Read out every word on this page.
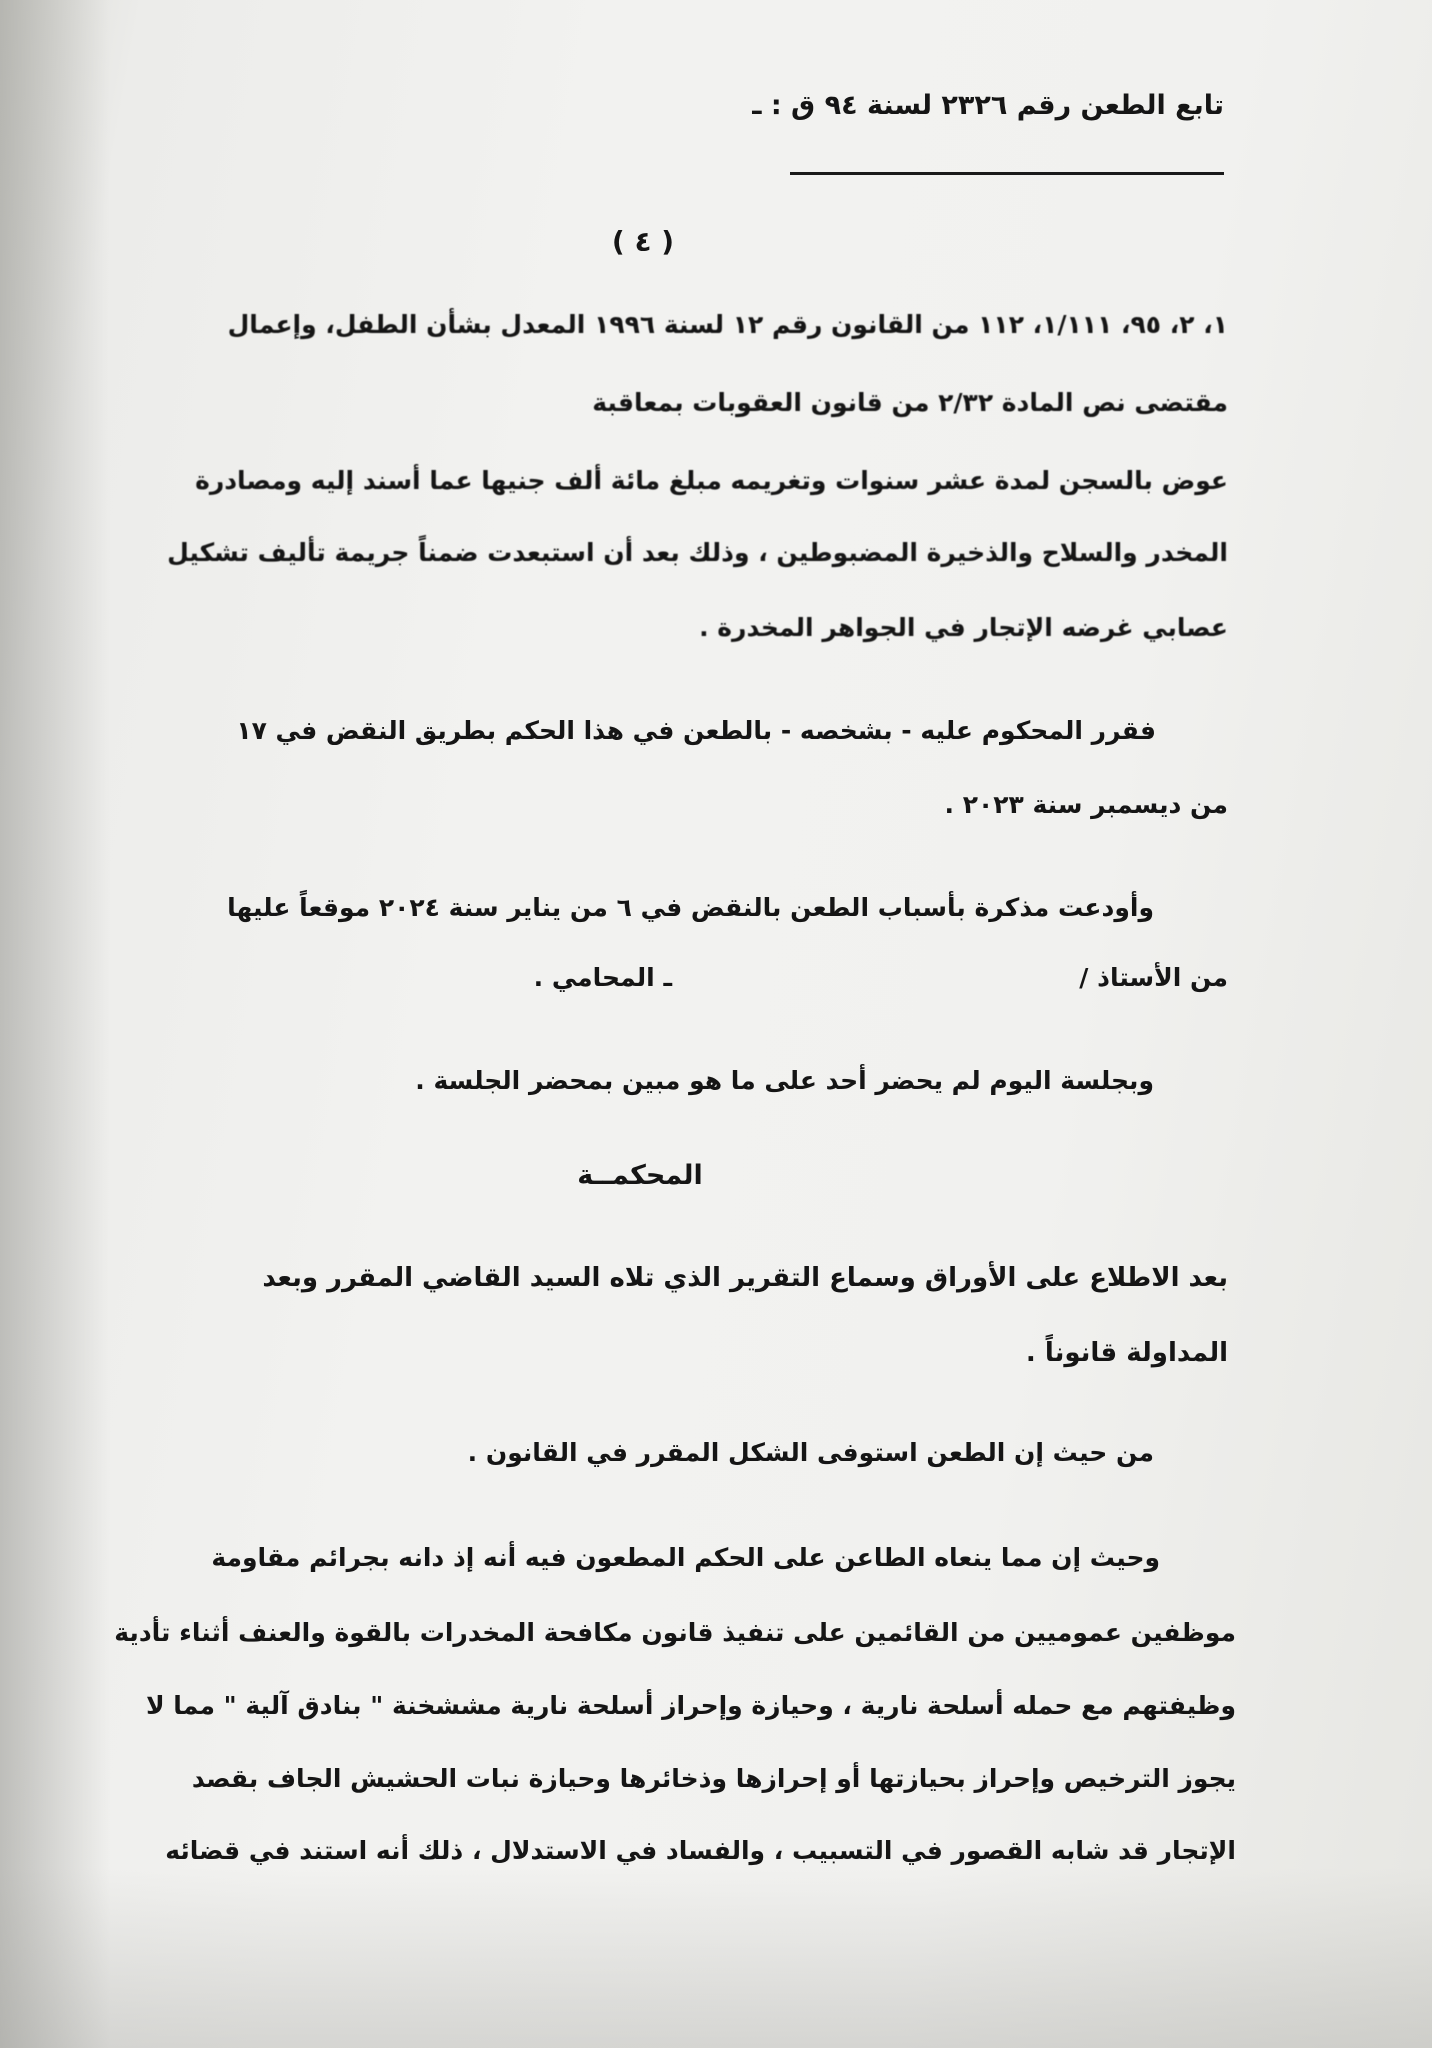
تابع الطعن رقم ٢٣٢٦ لسنة ٩٤ ق : ـ
( ٤ )
١، ٢، ٩٥، ١/١١١، ١١٢ من القانون رقم ١٢ لسنة ١٩٩٦ المعدل بشأن الطفل، وإعمال
مقتضى نص المادة ٢/٣٢ من قانون العقوبات بمعاقبة
عوض بالسجن لمدة عشر سنوات وتغريمه مبلغ مائة ألف جنيها عما أسند إليه ومصادرة
المخدر والسلاح والذخيرة المضبوطين ، وذلك بعد أن استبعدت ضمناً جريمة تأليف تشكيل
عصابي غرضه الإتجار في الجواهر المخدرة .
فقرر المحكوم عليه - بشخصه - بالطعن في هذا الحكم بطريق النقض في ١٧
من ديسمبر سنة ٢٠٢٣ .
وأودعت مذكرة بأسباب الطعن بالنقض في ٦ من يناير سنة ٢٠٢٤ موقعاً عليها
من الأستاذ /
ـ المحامي .
وبجلسة اليوم لم يحضر أحد على ما هو مبين بمحضر الجلسة .
المحكمــة
بعد الاطلاع على الأوراق وسماع التقرير الذي تلاه السيد القاضي المقرر وبعد
المداولة قانوناً .
من حيث إن الطعن استوفى الشكل المقرر في القانون .
وحيث إن مما ينعاه الطاعن على الحكم المطعون فيه أنه إذ دانه بجرائم مقاومة
موظفين عموميين من القائمين على تنفيذ قانون مكافحة المخدرات بالقوة والعنف أثناء تأدية
وظيفتهم مع حمله أسلحة نارية ، وحيازة وإحراز أسلحة نارية مششخنة " بنادق آلية " مما لا
يجوز الترخيص وإحراز بحيازتها أو إحرازها وذخائرها وحيازة نبات الحشيش الجاف بقصد
الإتجار قد شابه القصور في التسبيب ، والفساد في الاستدلال ، ذلك أنه استند في قضائه
